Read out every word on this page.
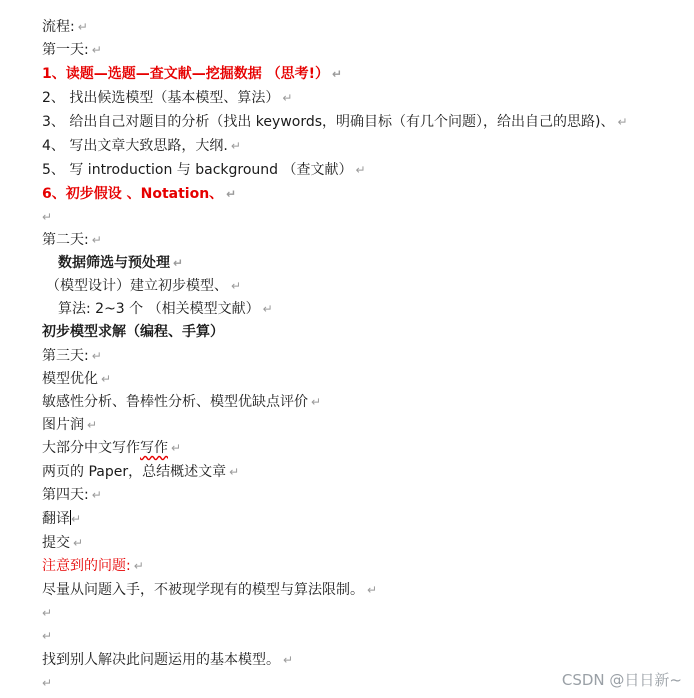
流程: ↵
第一天: ↵
1、读题—选题—查文献—挖掘数据 （思考!） ↵
2、 找出候选模型（基本模型、算法） ↵
3、 给出自己对题目的分析（找出 keywords，明确目标（有几个问题），给出自己的思路)、 ↵
4、 写出文章大致思路，大纲. ↵
5、 写 introduction 与 background （查文献） ↵
6、初步假设 、Notation、 ↵
↵
第二天: ↵
数据筛选与预处理 ↵
（模型设计）建立初步模型、 ↵
算法: 2~3 个 （相关模型文献） ↵
初步模型求解（编程、手算）
第三天: ↵
模型优化 ↵
敏感性分析、鲁棒性分析、模型优缺点评价 ↵
图片润 ↵
大部分中文写作写作 ↵
两页的 Paper，总结概述文章 ↵
第四天: ↵
翻译↵
提交 ↵
注意到的问题: ↵
尽量从问题入手，不被现学现有的模型与算法限制。 ↵
↵
↵
找到别人解决此问题运用的基本模型。 ↵
↵	CSDN @日日新~
